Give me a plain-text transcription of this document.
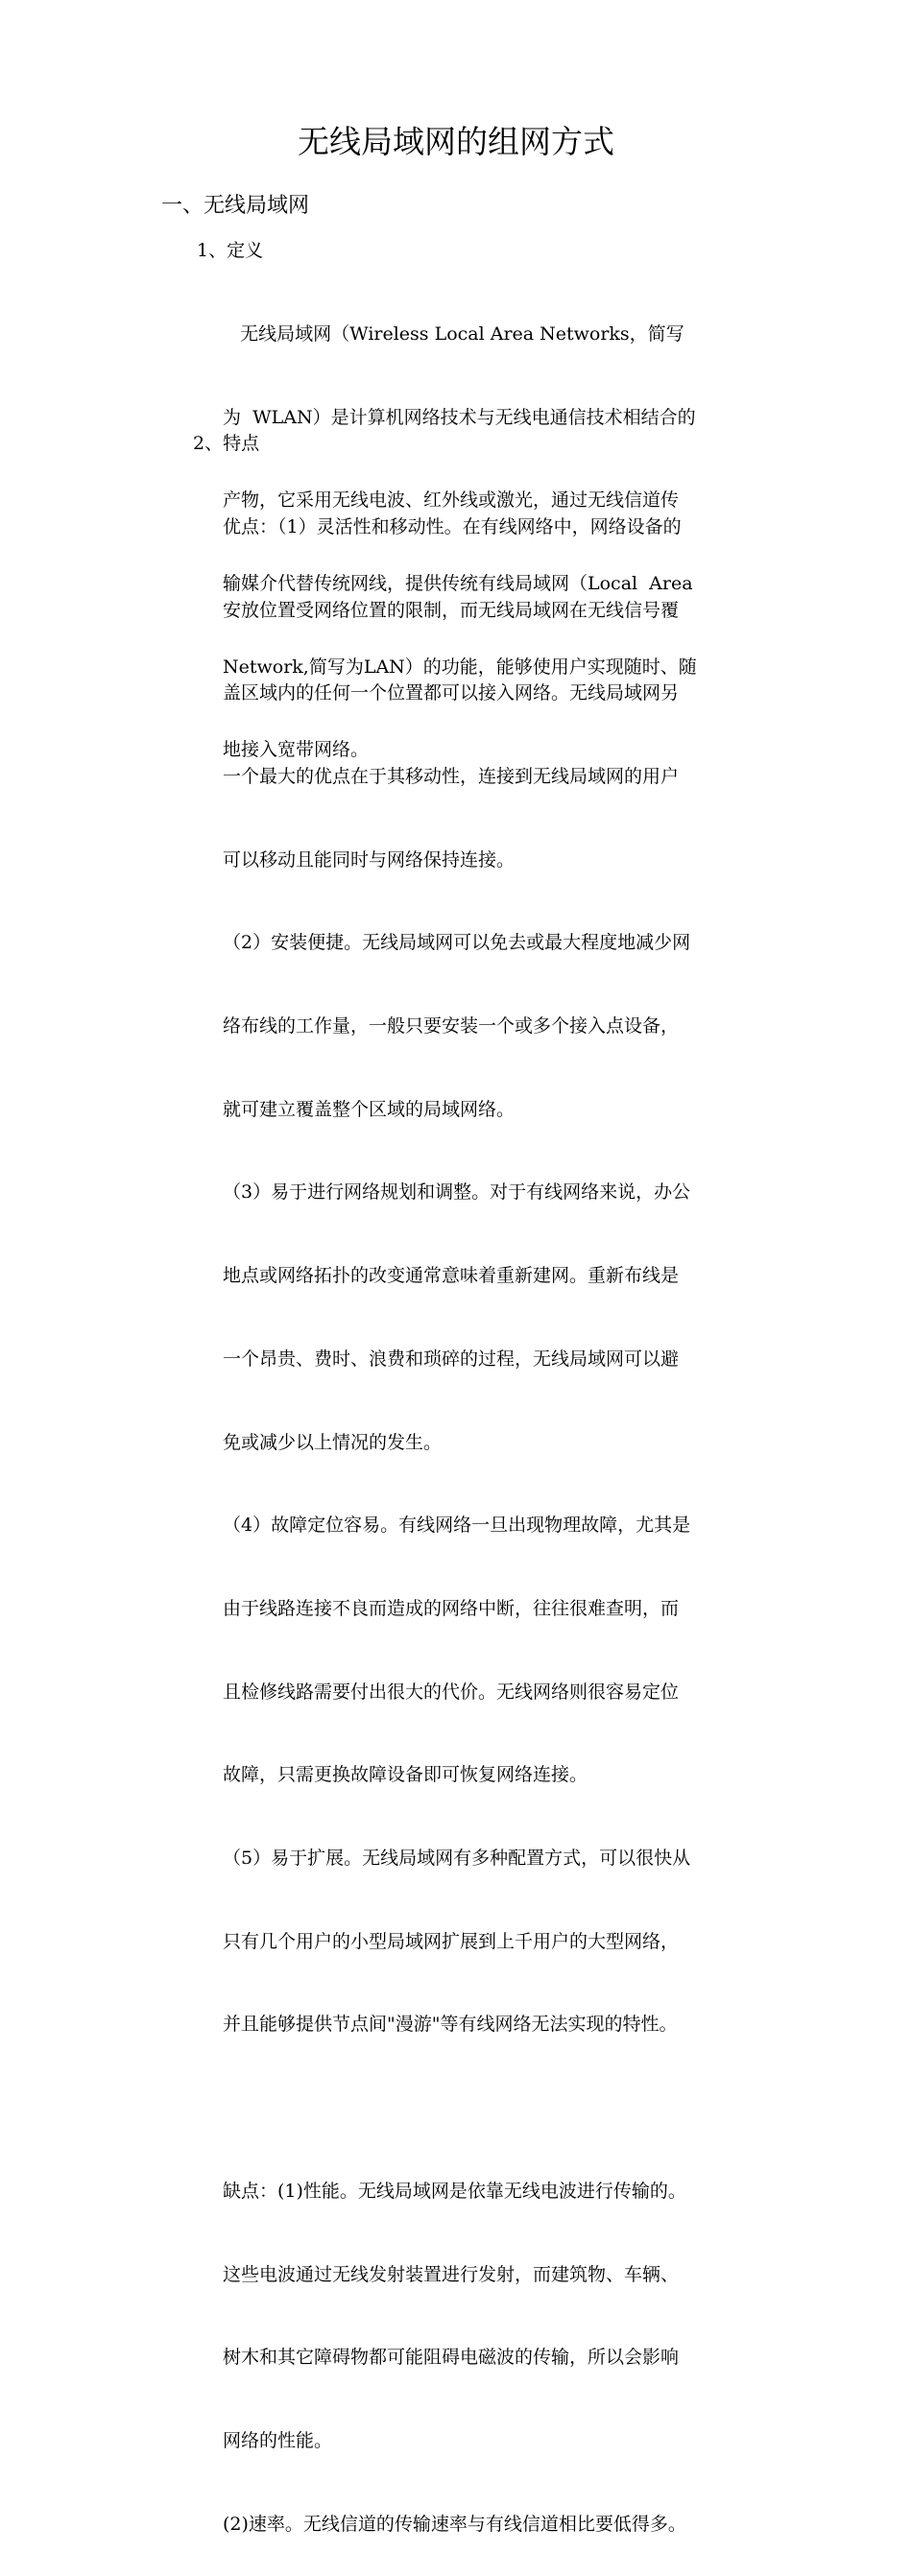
无线局域网的组网方式
一、无线局域网
1、定义

无线局域网（Wireless Local Area Networks，简写

为  WLAN）是计算机网络技术与无线电通信技术相结合的

产物，它采用无线电波、红外线或激光，通过无线信道传

输媒介代替传统网线，提供传统有线局域网（Local  Area

Network,简写为LAN）的功能，能够使用户实现随时、随

地接入宽带网络。

2、特点

优点：（1）灵活性和移动性。在有线网络中，网络设备的

安放位置受网络位置的限制，而无线局域网在无线信号覆

盖区域内的任何一个位置都可以接入网络。无线局域网另

一个最大的优点在于其移动性，连接到无线局域网的用户

可以移动且能同时与网络保持连接。

（2）安装便捷。无线局域网可以免去或最大程度地减少网

络布线的工作量，一般只要安装一个或多个接入点设备，

就可建立覆盖整个区域的局域网络。

（3）易于进行网络规划和调整。对于有线网络来说，办公

地点或网络拓扑的改变通常意味着重新建网。重新布线是

一个昂贵、费时、浪费和琐碎的过程，无线局域网可以避

免或减少以上情况的发生。

（4）故障定位容易。有线网络一旦出现物理故障，尤其是

由于线路连接不良而造成的网络中断，往往很难查明，而

且检修线路需要付出很大的代价。无线网络则很容易定位

故障，只需更换故障设备即可恢复网络连接。

（5）易于扩展。无线局域网有多种配置方式，可以很快从

只有几个用户的小型局域网扩展到上千用户的大型网络，

并且能够提供节点间"漫游"等有线网络无法实现的特性。

缺点：(1)性能。无线局域网是依靠无线电波进行传输的。

这些电波通过无线发射装置进行发射，而建筑物、车辆、

树木和其它障碍物都可能阻碍电磁波的传输，所以会影响

网络的性能。

(2)速率。无线信道的传输速率与有线信道相比要低得多。
